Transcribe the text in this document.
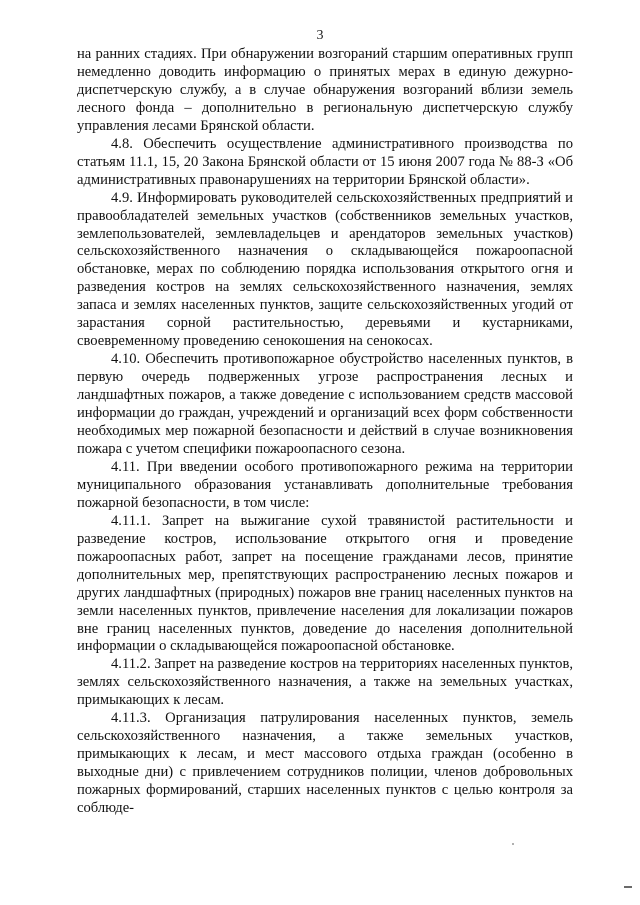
3

на ранних стадиях. При обнаружении возгораний старшим оперативных групп немедленно доводить информацию о принятых мерах в единую дежурно-диспетчерскую службу, а в случае обнаружения возгораний вблизи земель лесного фонда – дополнительно в региональную диспетчерскую службу управления лесами Брянской области.

4.8. Обеспечить осуществление административного производства по статьям 11.1, 15, 20 Закона Брянской области от 15 июня 2007 года № 88-З «Об административных правонарушениях на территории Брянской области».

4.9. Информировать руководителей сельскохозяйственных предприятий и правообладателей земельных участков (собственников земельных участков, землепользователей, землевладельцев и арендаторов земельных участков) сельскохозяйственного назначения о складывающейся пожароопасной обстановке, мерах по соблюдению порядка использования открытого огня и разведения костров на землях сельскохозяйственного назначения, землях запаса и землях населенных пунктов, защите сельскохозяйственных угодий от зарастания сорной растительностью, деревьями и кустарниками, своевременному проведению сенокошения на сенокосах.

4.10. Обеспечить противопожарное обустройство населенных пунктов, в первую очередь подверженных угрозе распространения лесных и ландшафтных пожаров, а также доведение с использованием средств массовой информации до граждан, учреждений и организаций всех форм собственности необходимых мер пожарной безопасности и действий в случае возникновения пожара с учетом специфики пожароопасного сезона.

4.11. При введении особого противопожарного режима на территории муниципального образования устанавливать дополнительные требования пожарной безопасности, в том числе:

4.11.1. Запрет на выжигание сухой травянистой растительности и разведение костров, использование открытого огня и проведение пожароопасных работ, запрет на посещение гражданами лесов, принятие дополнительных мер, препятствующих распространению лесных пожаров и других ландшафтных (природных) пожаров вне границ населенных пунктов на земли населенных пунктов, привлечение населения для локализации пожаров вне границ населенных пунктов, доведение до населения дополнительной информации о складывающейся пожароопасной обстановке.

4.11.2. Запрет на разведение костров на территориях населенных пунктов, землях сельскохозяйственного назначения, а также на земельных участках, примыкающих к лесам.

4.11.3. Организация патрулирования населенных пунктов, земель сельскохозяйственного назначения, а также земельных участков, примыкающих к лесам, и мест массового отдыха граждан (особенно в выходные дни) с привлечением сотрудников полиции, членов добровольных пожарных формирований, старших населенных пунктов с целью контроля за соблюде-
